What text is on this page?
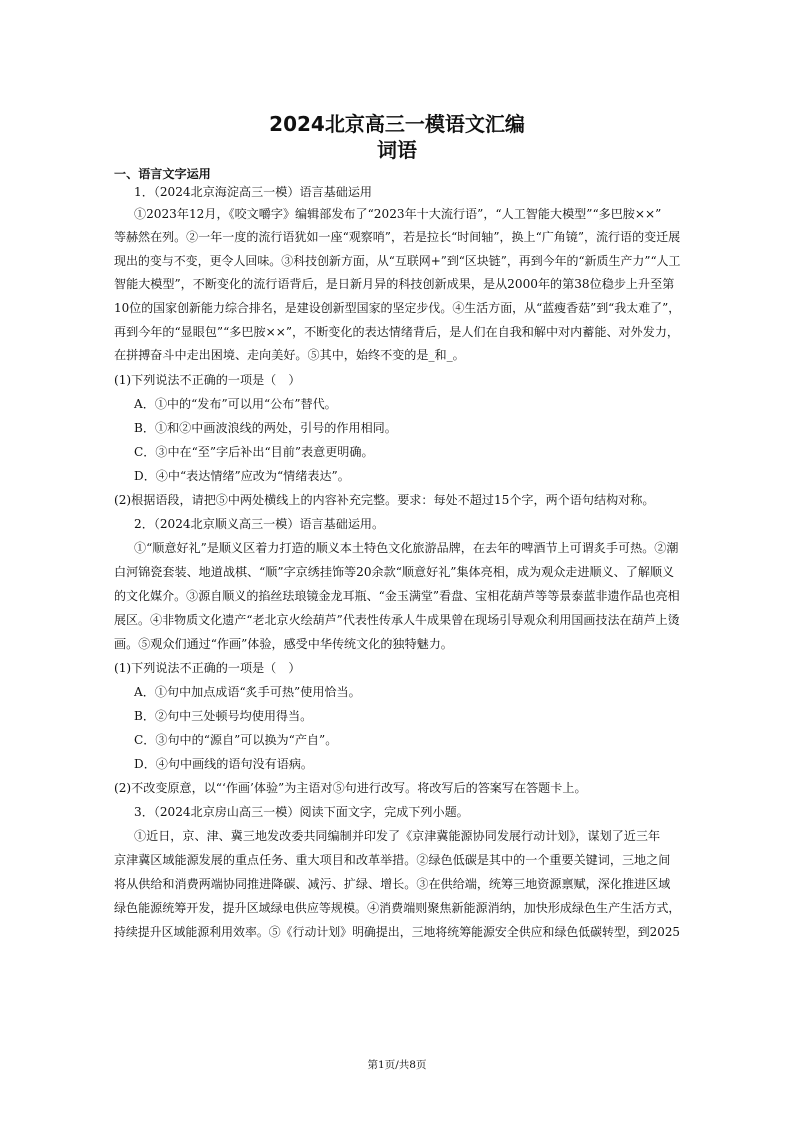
2024北京高三一模语文汇编
词语
一、语言文字运用
1．（2024北京海淀高三一模）语言基础运用
①2023年12月，《咬文嚼字》编辑部发布了“2023年十大流行语”，“人工智能大模型”“多巴胺××”
等赫然在列。②一年一度的流行语犹如一座“观察哨”，若是拉长“时间轴”，换上“广角镜”，流行语的变迁展
现出的变与不变，更令人回味。③科技创新方面，从“互联网+”到“区块链”，再到今年的“新质生产力”“人工
智能大模型”，不断变化的流行语背后，是日新月异的科技创新成果，是从2000年的第38位稳步上升至第
10位的国家创新能力综合排名，是建设创新型国家的坚定步伐。④生活方面，从“蓝瘦香菇”到“我太难了”，
再到今年的“显眼包”“多巴胺××”，不断变化的表达情绪背后，是人们在自我和解中对内蓄能、对外发力，
在拼搏奋斗中走出困境、走向美好。⑤其中，始终不变的是_和_。
(1)下列说法不正确的一项是（　）
A．①中的“发布”可以用“公布”替代。
B．①和②中画波浪线的两处，引号的作用相同。
C．③中在“至”字后补出“目前”表意更明确。
D．④中“表达情绪”应改为“情绪表达”。
(2)根据语段，请把⑤中两处横线上的内容补充完整。要求：每处不超过15个字，两个语句结构对称。
2．（2024北京顺义高三一模）语言基础运用。
①“顺意好礼”是顺义区着力打造的顺义本土特色文化旅游品牌，在去年的啤酒节上可谓炙手可热。②潮
白河锦瓷套装、地道战棋、“顺”字京绣挂饰等20余款“顺意好礼”集体亮相，成为观众走进顺义、了解顺义
的文化媒介。③源自顺义的掐丝珐琅镜金龙耳瓶、“金玉满堂”看盘、宝相花葫芦等等景泰蓝非遗作品也亮相
展区。④非物质文化遗产“老北京火绘葫芦”代表性传承人牛成果曾在现场引导观众利用国画技法在葫芦上烫
画。⑤观众们通过“作画”体验，感受中华传统文化的独特魅力。
(1)下列说法不正确的一项是（　）
A．①句中加点成语“炙手可热”使用恰当。
B．②句中三处顿号均使用得当。
C．③句中的“源自”可以换为“产自”。
D．④句中画线的语句没有语病。
(2)不改变原意，以“‘作画’体验”为主语对⑤句进行改写。将改写后的答案写在答题卡上。
3．（2024北京房山高三一模）阅读下面文字，完成下列小题。
①近日，京、津、冀三地发改委共同编制并印发了《京津冀能源协同发展行动计划》，谋划了近三年
京津冀区域能源发展的重点任务、重大项目和改革举措。②绿色低碳是其中的一个重要关键词，三地之间
将从供给和消费两端协同推进降碳、减污、扩绿、增长。③在供给端，统筹三地资源禀赋，深化推进区域
绿色能源统筹开发，提升区域绿电供应等规模。④消费端则聚焦新能源消纳，加快形成绿色生产生活方式，
持续提升区域能源利用效率。⑤《行动计划》明确提出，三地将统筹能源安全供应和绿色低碳转型，到2025
第1页/共8页
